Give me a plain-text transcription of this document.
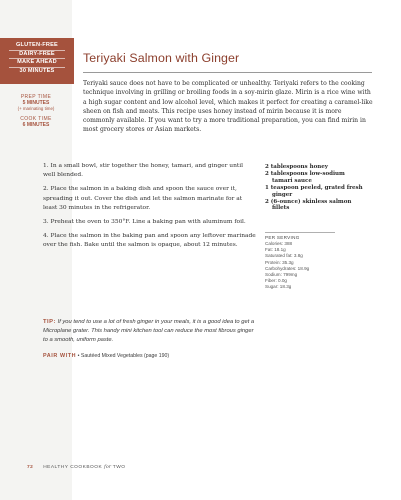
GLUTEN-FREE
DAIRY-FREE
MAKE AHEAD
30 MINUTES
PREP TIME
5 MINUTES
(+ marinating time)
COOK TIME
6 MINUTES
Teriyaki Salmon with Ginger

Teriyaki sauce does not have to be complicated or unhealthy. Teriyaki refers to the cooking technique involving in grilling or broiling foods in a soy-mirin glaze. Mirin is a rice wine with a high sugar content and low alcohol level, which makes it perfect for creating a caramel-like sheen on fish and meats. This recipe uses honey instead of mirin because it is more commonly available. If you want to try a more traditional preparation, you can find mirin in most grocery stores or Asian markets.

1. In a small bowl, stir together the honey, tamari, and ginger until well blended.
2. Place the salmon in a baking dish and spoon the sauce over it, spreading it out. Cover the dish and let the salmon marinate for at least 30 minutes in the refrigerator.
3. Preheat the oven to 350°F. Line a baking pan with aluminum foil.
4. Place the salmon in the baking pan and spoon any leftover marinade over the fish. Bake until the salmon is opaque, about 12 minutes.

TIP: If you tend to use a lot of fresh ginger in your meals, it is a good idea to get a Microplane grater. This handy mini kitchen tool can reduce the most fibrous ginger to a smooth, uniform paste.

PAIR WITH • Sautéed Mixed Vegetables (page 190)

2 tablespoons honey
2 tablespoons low-sodium tamari sauce
1 teaspoon peeled, grated fresh ginger
2 (6-ounce) skinless salmon fillets
PER SERVING
Calories: 388
Fat: 18.1g
Saturated fat: 3.8g
Protein: 35.3g
Carbohydrates: 18.9g
Sodium: 799mg
Fiber: 0.0g
Sugar: 18.3g
72 HEALTHY COOKBOOK for TWO
